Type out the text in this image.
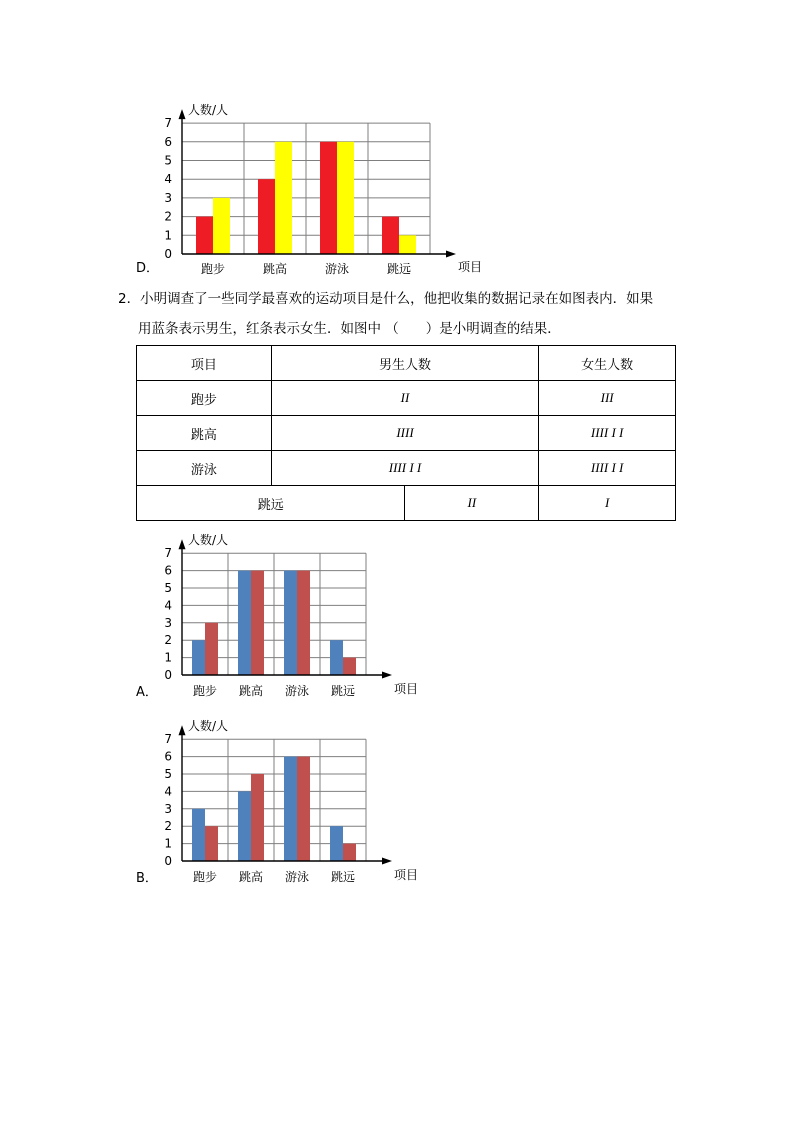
跑步	跳高	游泳	跳远
0
1
2
3
4
5
6
7
人数/人
项目
D．
2．小明调查了一些同学最喜欢的运动项目是什么，他把收集的数据记录在如图表内．如果
用蓝条表示男生，红条表示女生．如图中 （　　）是小明调查的结果．
项目	男生人数		女生人数
跑步	II		III
跳高	IIII		IIII I I
游泳	IIII I I		IIII I I
跳远		II	I
跑步 跳高 游泳 跳远
0
1
2
3
4
5
6
7
人数/人
项目
A．
跑步 跳高 游泳 跳远
0
1
2
3
4
5
6
7
人数/人
项目
B．
